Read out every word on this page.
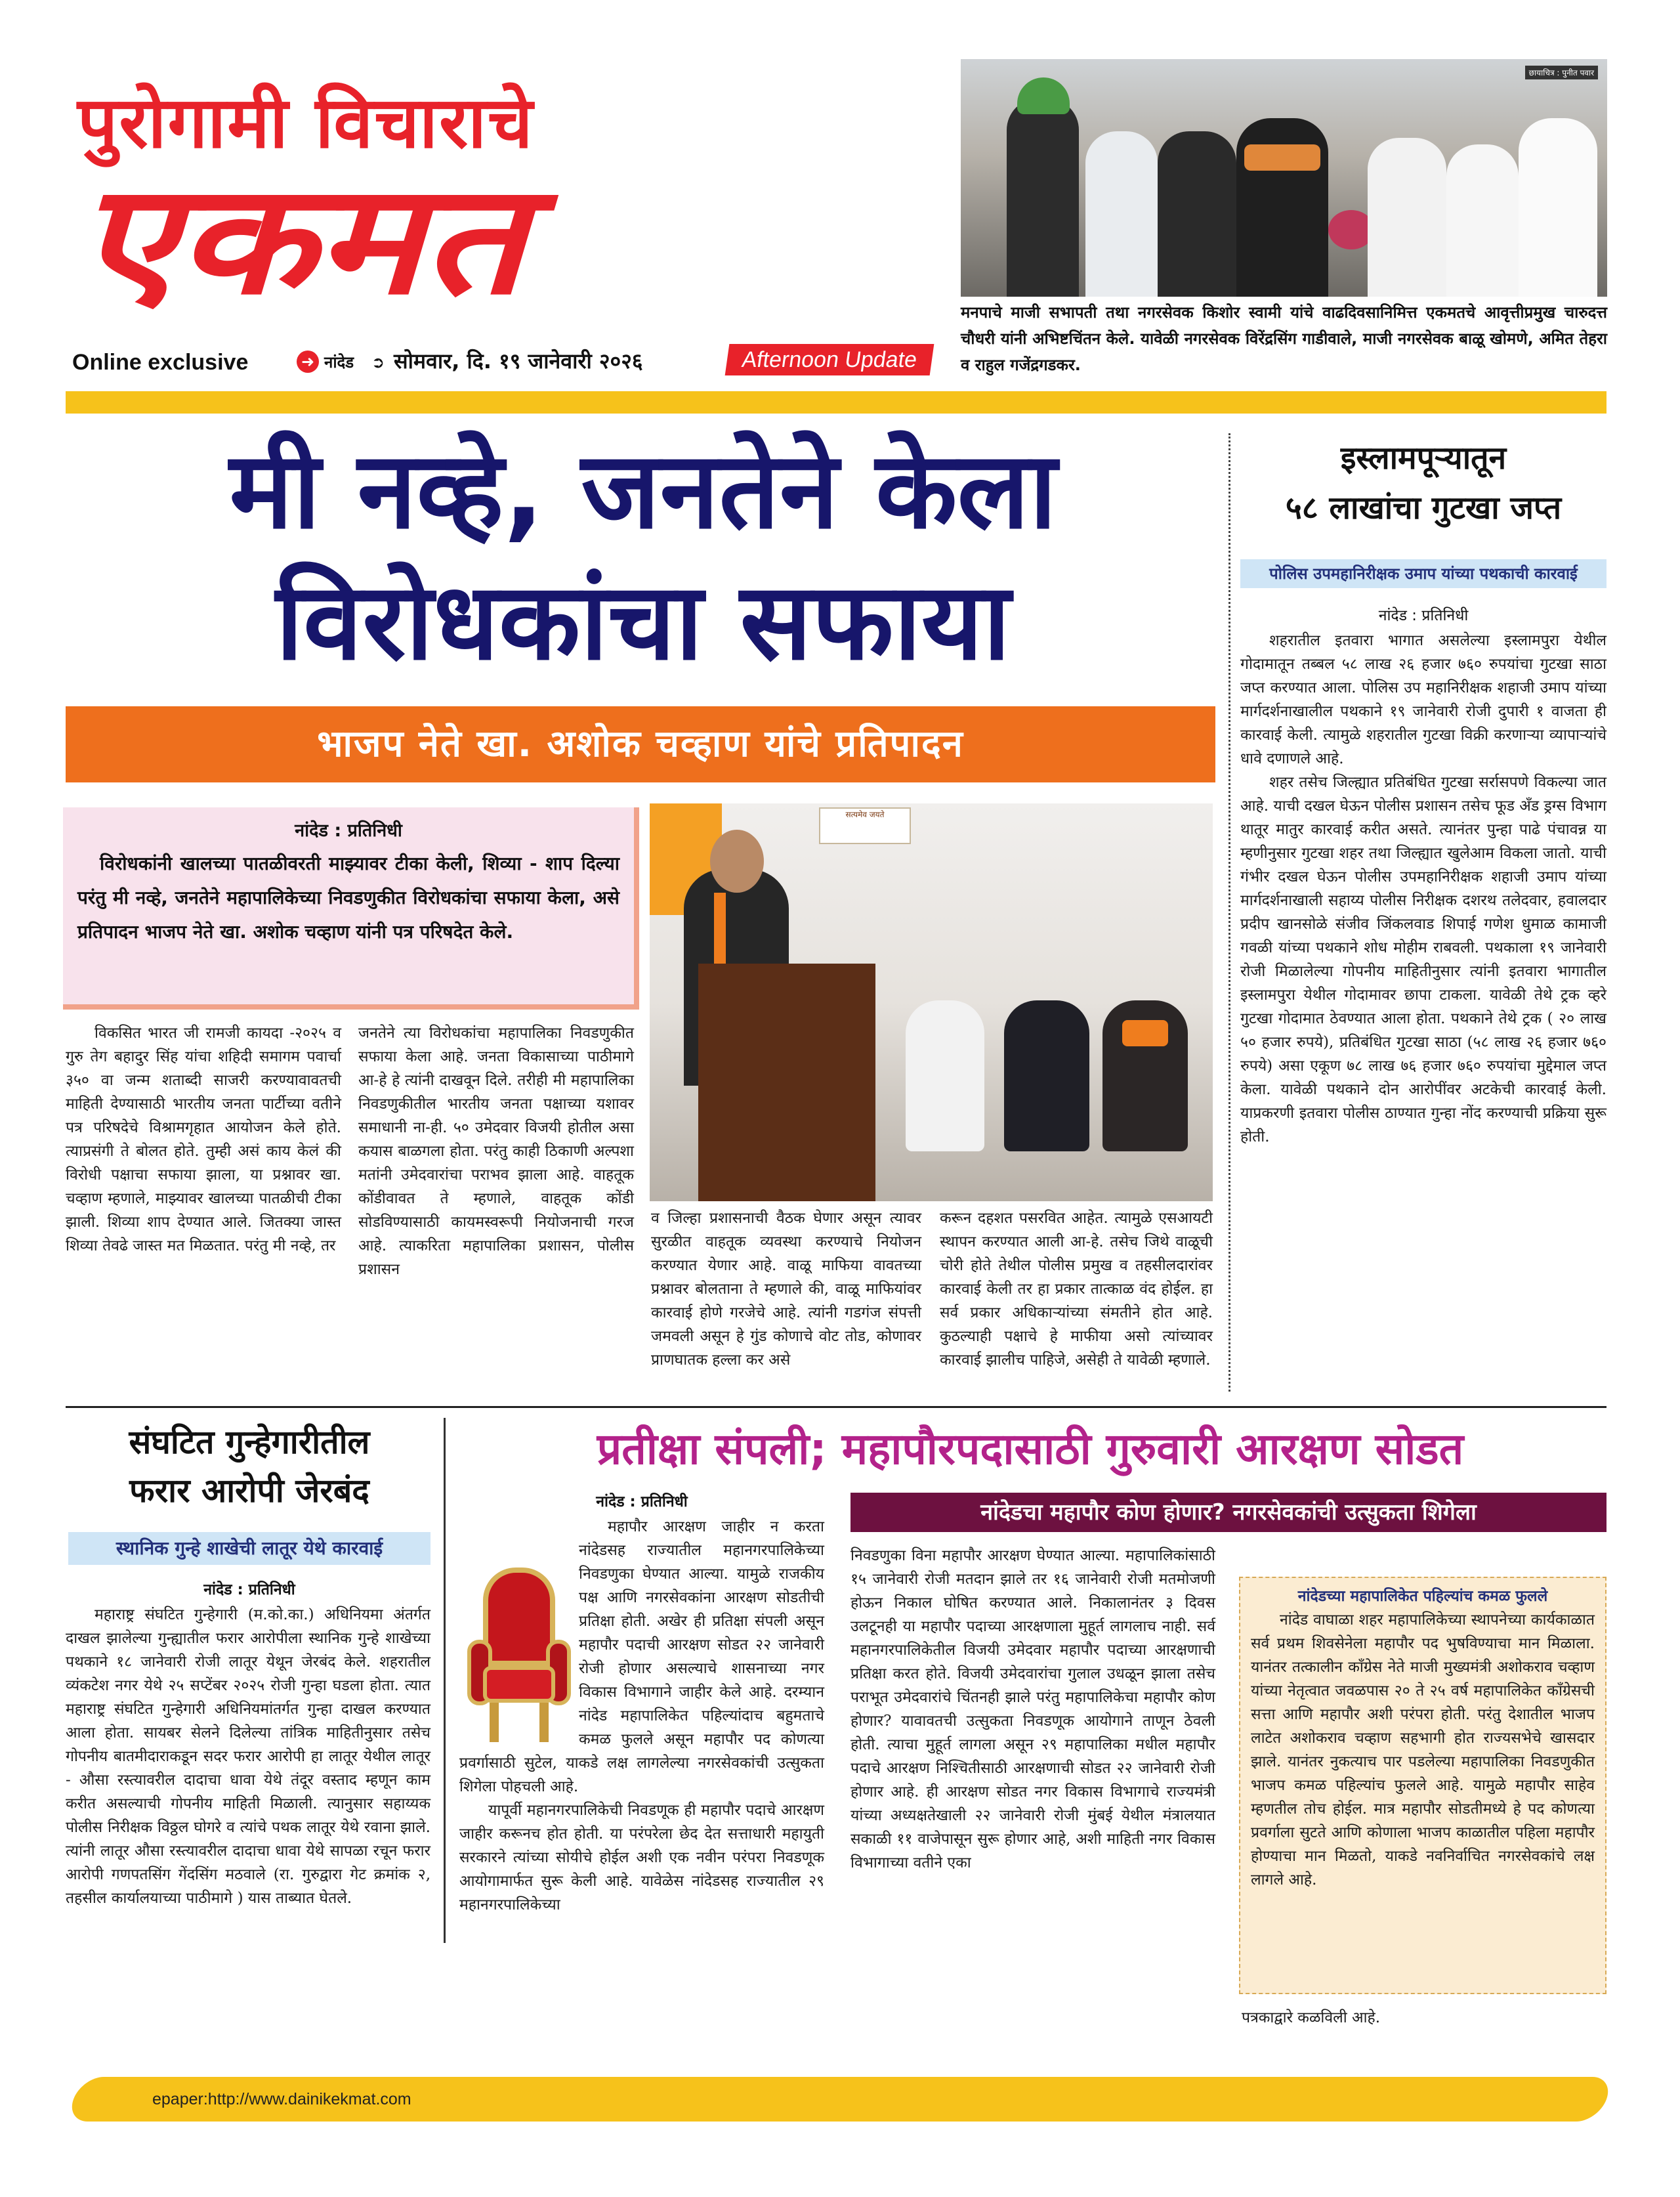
पुरोगामी विचाराचे
एकमत
Online exclusive	➜ नांदेड ➲ सोमवार, दि. १९ जानेवारी २०२६	Afternoon Update
छायाचित्र : पुनीत पवार
मनपाचे माजी सभापती तथा नगरसेवक किशोर स्वामी यांचे वाढदिवसानिमित्त एकमतचे आवृत्तीप्रमुख चारुदत्त चौधरी यांनी अभिष्टचिंतन केले. यावेळी नगरसेवक विरेंद्रसिंग गाडीवाले, माजी नगरसेवक बाळू खोमणे, अमित तेहरा व राहुल गजेंद्रगडकर.
मी नव्हे, जनतेने केला
विरोधकांचा सफाया
भाजप नेते खा. अशोक चव्हाण यांचे प्रतिपादन
नांदेड : प्रतिनिधी
विरोधकांनी खालच्या पातळीवरती माझ्यावर टीका केली, शिव्या - शाप दिल्या परंतु मी नव्हे, जनतेने महापालिकेच्या निवडणुकीत विरोधकांचा सफाया केला, असे प्रतिपादन भाजप नेते खा. अशोक चव्हाण यांनी पत्र परिषदेत केले.
सत्यमेव जयते

विकसित भारत जी रामजी कायदा -२०२५ व गुरु तेग बहादुर सिंह यांचा शहिदी समागम पवार्चा ३५० वा जन्म शताब्दी साजरी करण्यावावतची माहिती देण्यासाठी भारतीय जनता पार्टीच्या वतीने पत्र परिषदेचे विश्रामगृहात आयोजन केले होते. त्याप्रसंगी ते बोलत होते. तुम्ही असं काय केलं की विरोधी पक्षाचा सफाया झाला, या प्रश्नावर खा. चव्हाण म्हणाले, माझ्यावर खालच्या पातळीची टीका झाली. शिव्या शाप देण्यात आले. जितक्या जास्त शिव्या तेवढे जास्त मत मिळतात. परंतु मी नव्हे, तर

जनतेने त्या विरोधकांचा महापालिका निवडणुकीत सफाया केला आहे. जनता विकासाच्या पाठीमागे आ-हे हे त्यांनी दाखवून दिले. तरीही मी महापालिका निवडणुकीतील भारतीय जनता पक्षाच्या यशावर समाधानी ना-ही. ५० उमेदवार विजयी होतील असा कयास बाळगला होता. परंतु काही ठिकाणी अल्पशा मतांनी उमेदवारांचा पराभव झाला आहे. वाहतूक कोंडीवावत ते म्हणाले, वाहतूक कोंडी सोडविण्यासाठी कायमस्वरूपी नियोजनाची गरज आहे. त्याकरिता महापालिका प्रशासन, पोलीस प्रशासन

व जिल्हा प्रशासनाची वैठक घेणार असून त्यावर सुरळीत वाहतूक व्यवस्था करण्याचे नियोजन करण्यात येणार आहे. वाळू माफिया वावतच्या प्रश्नावर बोलताना ते म्हणाले की, वाळू माफियांवर कारवाई होणे गरजेचे आहे. त्यांनी गडगंज संपत्ती जमवली असून हे गुंड कोणाचे वोट तोड, कोणावर प्राणघातक हल्ला कर असे

करून दहशत पसरवित आहेत. त्यामुळे एसआयटी स्थापन करण्यात आली आ-हे. तसेच जिथे वाळूची चोरी होते तेथील पोलीस प्रमुख व तहसीलदारांवर कारवाई केली तर हा प्रकार तात्काळ वंद होईल. हा सर्व प्रकार अधिकाऱ्यांच्या संमतीने होत आहे. कुठल्याही पक्षाचे हे माफीया असो त्यांच्यावर कारवाई झालीच पाहिजे, असेही ते यावेळी म्हणाले.

इस्लामपूऱ्यातून
५८ लाखांचा गुटखा जप्त
पोलिस उपमहानिरीक्षक उमाप यांच्या पथकाची कारवाई
नांदेड : प्रतिनिधी

शहरातील इतवारा भागात असलेल्या इस्लामपुरा येथील गोदामातून तब्बल ५८ लाख २६ हजार ७६० रुपयांचा गुटखा साठा जप्त करण्यात आला. पोलिस उप महानिरीक्षक शहाजी उमाप यांच्या मार्गदर्शनाखालील पथकाने १९ जानेवारी रोजी दुपारी १ वाजता ही कारवाई केली. त्यामुळे शहरातील गुटखा विक्री करणाऱ्या व्यापाऱ्यांचे धावे दणाणले आहे.

शहर तसेच जिल्ह्यात प्रतिबंधित गुटखा सर्रासपणे विकल्या जात आहे. याची दखल घेऊन पोलीस प्रशासन तसेच फूड अँड ड्रग्स विभाग थातूर मातुर कारवाई करीत असते. त्यानंतर पुन्हा पाढे पंचावन्न या म्हणीनुसार गुटखा शहर तथा जिल्ह्यात खुलेआम विकला जातो. याची गंभीर दखल घेऊन पोलीस उपमहानिरीक्षक शहाजी उमाप यांच्या मार्गदर्शनाखाली सहाय्य पोलीस निरीक्षक दशरथ तलेदवार, हवालदार प्रदीप खानसोळे संजीव जिंकलवाड शिपाई गणेश धुमाळ कामाजी गवळी यांच्या पथकाने शोध मोहीम राबवली. पथकाला १९ जानेवारी रोजी मिळालेल्या गोपनीय माहितीनुसार त्यांनी इतवारा भागातील इस्लामपुरा येथील गोदामावर छापा टाकला. यावेळी तेथे ट्रक व्हरे गुटखा गोदामात ठेवण्यात आला होता. पथकाने तेथे ट्रक ( २० लाख ५० हजार रुपये), प्रतिबंधित गुटखा साठा (५८ लाख २६ हजार ७६० रुपये) असा एकूण ७८ लाख ७६ हजार ७६० रुपयांचा मुद्देमाल जप्त केला. यावेळी पथकाने दोन आरोपींवर अटकेची कारवाई केली. याप्रकरणी इतवारा पोलीस ठाण्यात गुन्हा नोंद करण्याची प्रक्रिया सुरू होती.

संघटित गुन्हेगारीतील
फरार आरोपी जेरबंद
स्थानिक गुन्हे शाखेची लातूर येथे कारवाई
नांदेड : प्रतिनिधी

महाराष्ट्र संघटित गुन्हेगारी (म.को.का.) अधिनियमा अंतर्गत दाखल झालेल्या गुन्ह्यातील फरार आरोपीला स्थानिक गुन्हे शाखेच्या पथकाने १८ जानेवारी रोजी लातूर येथून जेरबंद केले. शहरातील व्यंकटेश नगर येथे २५ सप्टेंबर २०२५ रोजी गुन्हा घडला होता. त्यात महाराष्ट्र संघटित गुन्हेगारी अधिनियमांतर्गत गुन्हा दाखल करण्यात आला होता. सायबर सेलने दिलेल्या तांत्रिक माहितीनुसार तसेच गोपनीय बातमीदाराकडून सदर फरार आरोपी हा लातूर येथील लातूर - औसा रस्त्यावरील दादाचा धावा येथे तंदूर वस्ताद म्हणून काम करीत असल्याची गोपनीय माहिती मिळाली. त्यानुसार सहाय्यक पोलीस निरीक्षक विठ्ठल घोगरे व त्यांचे पथक लातूर येथे रवाना झाले. त्यांनी लातूर औसा रस्त्यावरील दादाचा धावा येथे सापळा रचून फरार आरोपी गणपतसिंग गेंदसिंग मठवाले (रा. गुरुद्वारा गेट क्रमांक २, तहसील कार्यालयाच्या पाठीमागे ) यास ताब्यात घेतले.

प्रतीक्षा संपली; महापौरपदासाठी गुरुवारी आरक्षण सोडत
नांदेड : प्रतिनिधी

महापौर आरक्षण जाहीर न करता नांदेडसह राज्यातील महानगरपालिकेच्या निवडणुका घेण्यात आल्या. यामुळे राजकीय पक्ष आणि नगरसेवकांना आरक्षण सोडतीची प्रतिक्षा होती. अखेर ही प्रतिक्षा संपली असून महापौर पदाची आरक्षण सोडत २२ जानेवारी रोजी होणार असल्याचे शासनाच्या नगर विकास विभागाने जाहीर केले आहे. दरम्यान नांदेड महापालिकेत पहिल्यांदाच बहुमताचे कमळ फुलले असून महापौर पद कोणत्या प्रवर्गासाठी सुटेल, याकडे लक्ष लागलेल्या नगरसेवकांची उत्सुकता शिगेला पोहचली आहे.

यापूर्वी महानगरपालिकेची निवडणूक ही महापौर पदाचे आरक्षण जाहीर करूनच होत होती. या परंपरेला छेद देत सत्ताधारी महायुती सरकारने त्यांच्या सोयीचे होईल अशी एक नवीन परंपरा निवडणूक आयोगामार्फत सुरू केली आहे. यावेळेस नांदेडसह राज्यातील २९ महानगरपालिकेच्या

नांदेडचा महापौर कोण होणार? नगरसेवकांची उत्सुकता शिगेला

निवडणुका विना महापौर आरक्षण घेण्यात आल्या. महापालिकांसाठी १५ जानेवारी रोजी मतदान झाले तर १६ जानेवारी रोजी मतमोजणी होऊन निकाल घोषित करण्यात आले. निकालानंतर ३ दिवस उलटूनही या महापौर पदाच्या आरक्षणाला मुहूर्त लागलाच नाही. सर्व महानगरपालिकेतील विजयी उमेदवार महापौर पदाच्या आरक्षणाची प्रतिक्षा करत होते. विजयी उमेदवारांचा गुलाल उधळून झाला तसेच पराभूत उमेदवारांचे चिंतनही झाले परंतु महापालिकेचा महापौर कोण होणार? यावावतची उत्सुकता निवडणूक आयोगाने ताणून ठेवली होती. त्याचा मुहूर्त लागला असून २९ महापालिका मधील महापौर पदाचे आरक्षण निश्चितीसाठी आरक्षणाची सोडत २२ जानेवारी रोजी होणार आहे. ही आरक्षण सोडत नगर विकास विभागाचे राज्यमंत्री यांच्या अध्यक्षतेखाली २२ जानेवारी रोजी मुंबई येथील मंत्रालयात सकाळी ११ वाजेपासून सुरू होणार आहे, अशी माहिती नगर विकास विभागाच्या वतीने एका

नांदेडच्या महापालिकेत पहिल्यांच कमळ फुलले
नांदेड वाघाळा शहर महापालिकेच्या स्थापनेच्या कार्यकाळात सर्व प्रथम शिवसेनेला महापौर पद भुषविण्याचा मान मिळाला. यानंतर तत्कालीन काँग्रेस नेते माजी मुख्यमंत्री अशोकराव चव्हाण यांच्या नेतृत्वात जवळपास २० ते २५ वर्ष महापालिकेत काँग्रेसची सत्ता आणि महापौर अशी परंपरा होती. परंतु देशातील भाजप लाटेत अशोकराव चव्हाण सहभागी होत राज्यसभेचे खासदार झाले. यानंतर नुकत्याच पार पडलेल्या महापालिका निवडणुकीत भाजप कमळ पहिल्यांच फुलले आहे. यामुळे महापौर साहेव म्हणतील तोच होईल. मात्र महापौर सोडतीमध्ये हे पद कोणत्या प्रवर्गाला सुटते आणि कोणाला भाजप काळातील पहिला महापौर होण्याचा मान मिळतो, याकडे नवनिर्वाचित नगरसेवकांचे लक्ष लागले आहे.

पत्रकाद्वारे कळविली आहे.

epaper:http://www.dainikekmat.com
